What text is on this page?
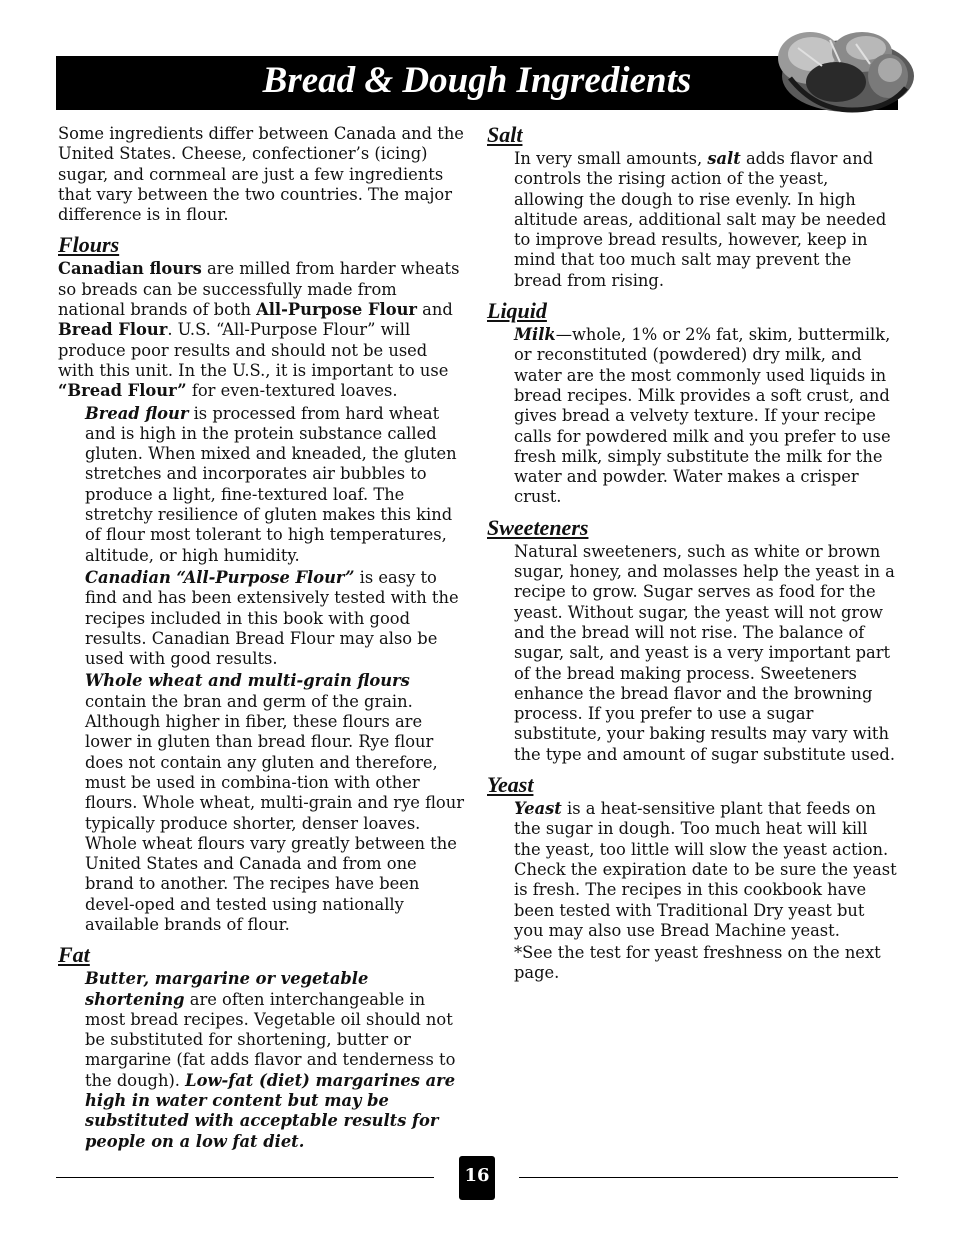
Bread & Dough Ingredients

Some ingredients differ between Canada and the United States. Cheese, confectioner’s (icing) sugar, and cornmeal are just a few ingredients that vary between the two countries. The major difference is in flour.

Flours

Canadian flours are milled from harder wheats so breads can be successfully made from national brands of both All-Purpose Flour and Bread Flour. U.S. “All-Purpose Flour” will produce poor results and should not be used with this unit. In the U.S., it is important to use “Bread Flour” for even-textured loaves.

Bread flour is processed from hard wheat and is high in the protein substance called gluten. When mixed and kneaded, the gluten stretches and incorporates air bubbles to produce a light, fine-textured loaf. The stretchy resilience of gluten makes this kind of flour most tolerant to high temperatures, altitude, or high humidity.

Canadian “All-Purpose Flour” is easy to find and has been extensively tested with the recipes included in this book with good results. Canadian Bread Flour may also be used with good results.

Whole wheat and multi-grain flours contain the bran and germ of the grain. Although higher in fiber, these flours are lower in gluten than bread flour. Rye flour does not contain any gluten and therefore, must be used in combina-tion with other flours. Whole wheat, multi-grain and rye flour typically produce shorter, denser loaves. Whole wheat flours vary greatly between the United States and Canada and from one brand to another. The recipes have been devel-oped and tested using nationally available brands of flour.

Fat

Butter, margarine or vegetable shortening are often interchangeable in most bread recipes. Vegetable oil should not be substituted for shortening, butter or margarine (fat adds flavor and tenderness to the dough). Low-fat (diet) margarines are high in water content but may be substituted with acceptable results for people on a low fat diet.

Salt

In very small amounts, salt adds flavor and controls the rising action of the yeast, allowing the dough to rise evenly. In high altitude areas, additional salt may be needed to improve bread results, however, keep in mind that too much salt may prevent the bread from rising.

Liquid

Milk—whole, 1% or 2% fat, skim, buttermilk, or reconstituted (powdered) dry milk, and water are the most commonly used liquids in bread recipes. Milk provides a soft crust, and gives bread a velvety texture. If your recipe calls for powdered milk and you prefer to use fresh milk, simply substitute the milk for the water and powder. Water makes a crisper crust.

Sweeteners

Natural sweeteners, such as white or brown sugar, honey, and molasses help the yeast in a recipe to grow. Sugar serves as food for the yeast. Without sugar, the yeast will not grow and the bread will not rise. The balance of sugar, salt, and yeast is a very important part of the bread making process. Sweeteners enhance the bread flavor and the browning process. If you prefer to use a sugar substitute, your baking results may vary with the type and amount of sugar substitute used.

Yeast

Yeast is a heat-sensitive plant that feeds on the sugar in dough. Too much heat will kill the yeast, too little will slow the yeast action. Check the expiration date to be sure the yeast is fresh. The recipes in this cookbook have been tested with Traditional Dry yeast but you may also use Bread Machine yeast.

*See the test for yeast freshness on the next page.

16
